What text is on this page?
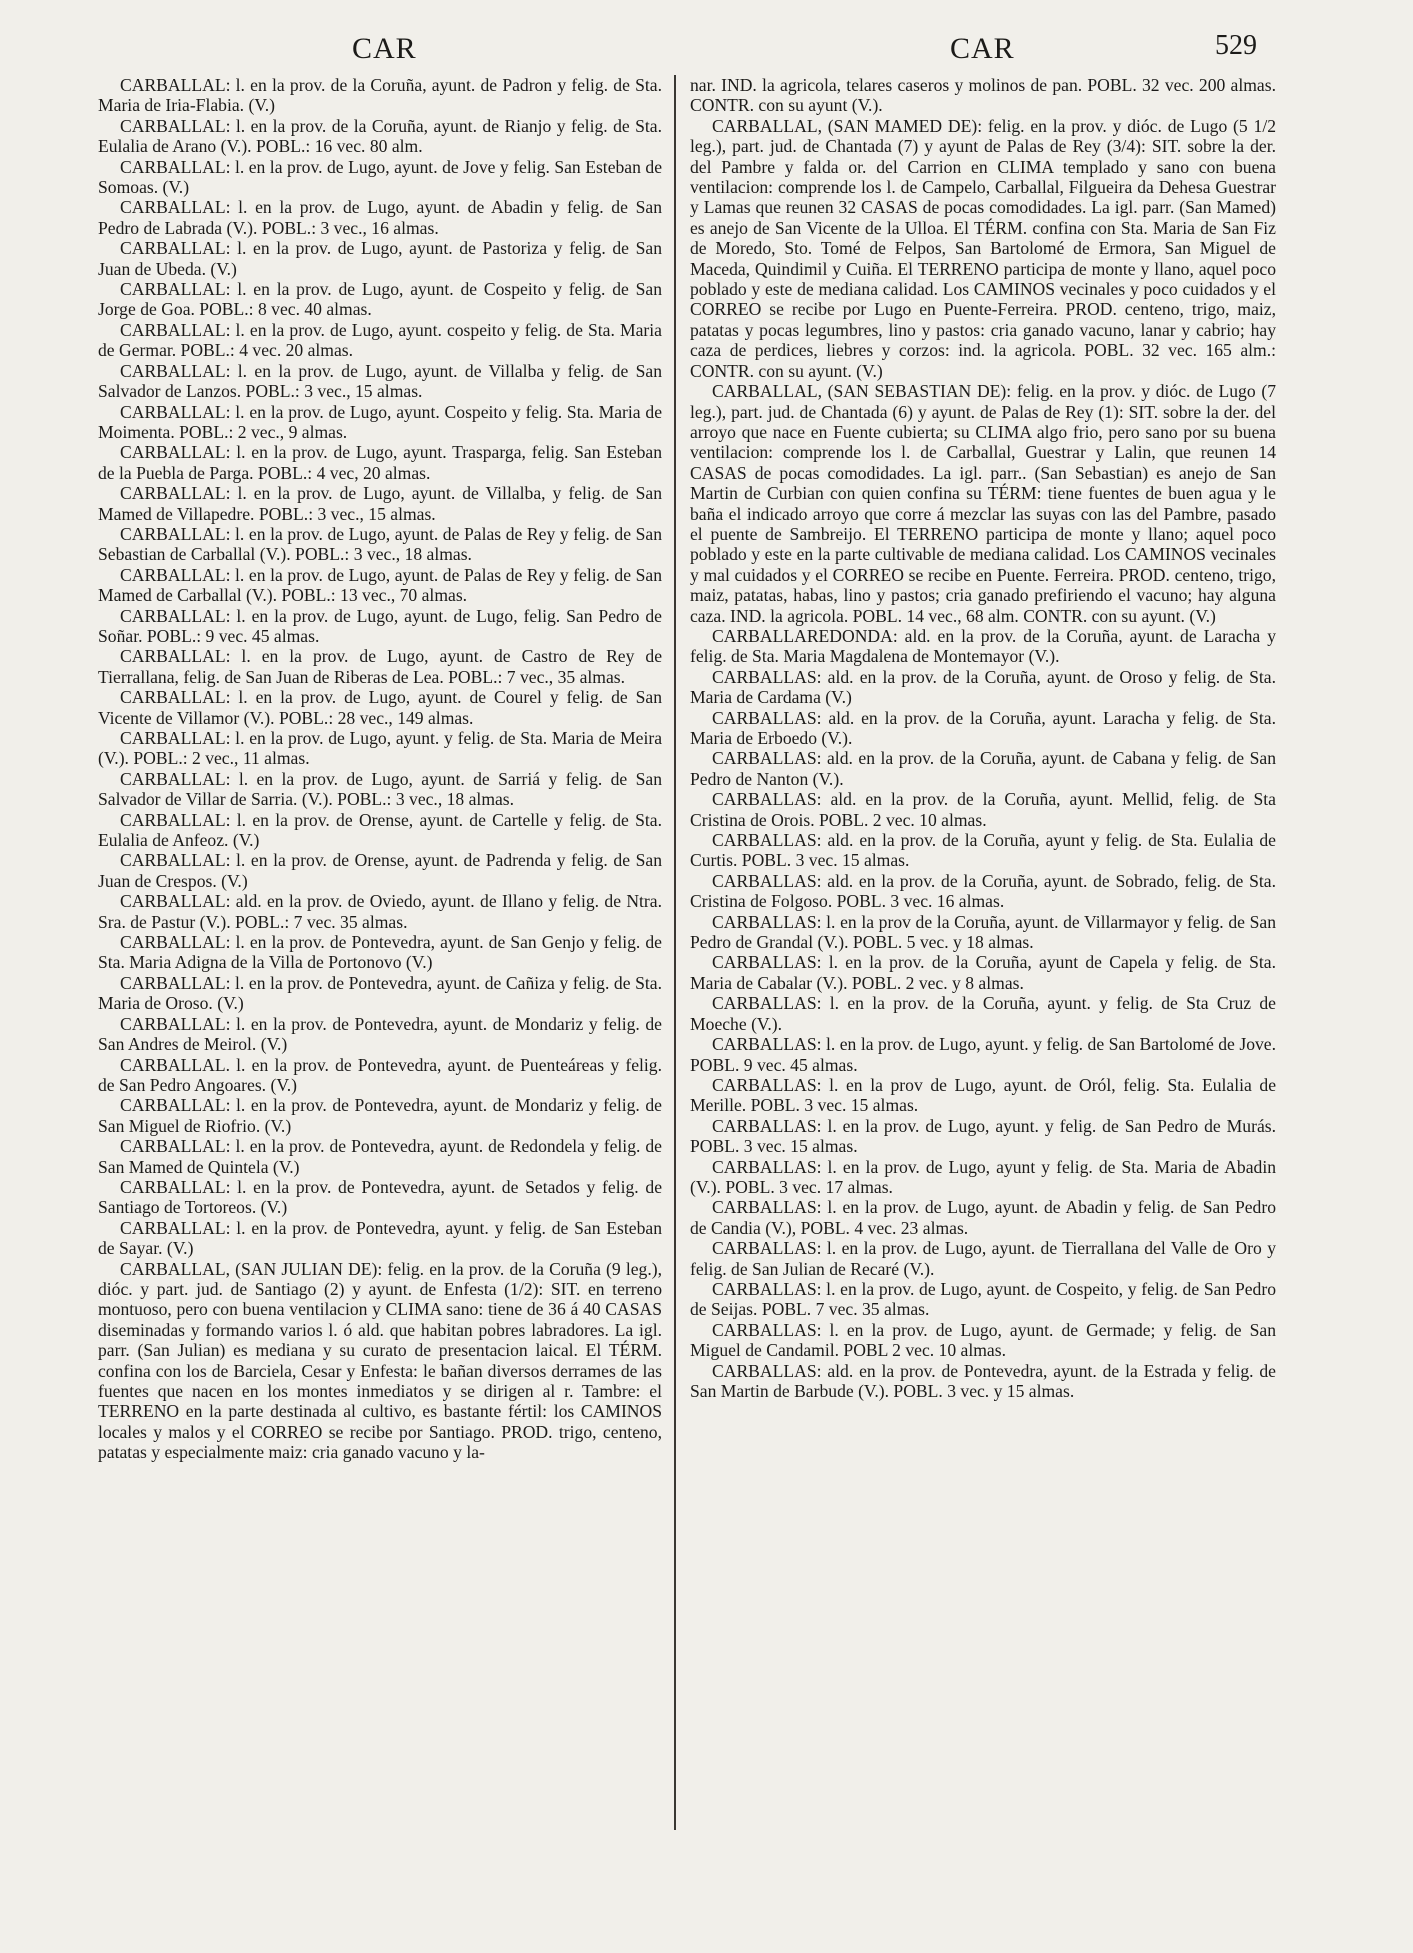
CAR	CAR	529

CARBALLAL: l. en la prov. de la Coruña, ayunt. de Padron y felig. de Sta. Maria de Iria-Flabia. (V.)

CARBALLAL: l. en la prov. de la Coruña, ayunt. de Rianjo y felig. de Sta. Eulalia de Arano (V.). POBL.: 16 vec. 80 alm.

CARBALLAL: l. en la prov. de Lugo, ayunt. de Jove y felig. San Esteban de Somoas. (V.)

CARBALLAL: l. en la prov. de Lugo, ayunt. de Abadin y felig. de San Pedro de Labrada (V.). POBL.: 3 vec., 16 almas.

CARBALLAL: l. en la prov. de Lugo, ayunt. de Pastoriza y felig. de San Juan de Ubeda. (V.)

CARBALLAL: l. en la prov. de Lugo, ayunt. de Cospeito y felig. de San Jorge de Goa. POBL.: 8 vec. 40 almas.

CARBALLAL: l. en la prov. de Lugo, ayunt. cospeito y felig. de Sta. Maria de Germar. POBL.: 4 vec. 20 almas.

CARBALLAL: l. en la prov. de Lugo, ayunt. de Villalba y felig. de San Salvador de Lanzos. POBL.: 3 vec., 15 almas.

CARBALLAL: l. en la prov. de Lugo, ayunt. Cospeito y felig. Sta. Maria de Moimenta. POBL.: 2 vec., 9 almas.

CARBALLAL: l. en la prov. de Lugo, ayunt. Trasparga, felig. San Esteban de la Puebla de Parga. POBL.: 4 vec, 20 almas.

CARBALLAL: l. en la prov. de Lugo, ayunt. de Villalba, y felig. de San Mamed de Villapedre. POBL.: 3 vec., 15 almas.

CARBALLAL: l. en la prov. de Lugo, ayunt. de Palas de Rey y felig. de San Sebastian de Carballal (V.). POBL.: 3 vec., 18 almas.

CARBALLAL: l. en la prov. de Lugo, ayunt. de Palas de Rey y felig. de San Mamed de Carballal (V.). POBL.: 13 vec., 70 almas.

CARBALLAL: l. en la prov. de Lugo, ayunt. de Lugo, felig. San Pedro de Soñar. POBL.: 9 vec. 45 almas.

CARBALLAL: l. en la prov. de Lugo, ayunt. de Castro de Rey de Tierrallana, felig. de San Juan de Riberas de Lea. POBL.: 7 vec., 35 almas.

CARBALLAL: l. en la prov. de Lugo, ayunt. de Courel y felig. de San Vicente de Villamor (V.). POBL.: 28 vec., 149 almas.

CARBALLAL: l. en la prov. de Lugo, ayunt. y felig. de Sta. Maria de Meira (V.). POBL.: 2 vec., 11 almas.

CARBALLAL: l. en la prov. de Lugo, ayunt. de Sarriá y felig. de San Salvador de Villar de Sarria. (V.). POBL.: 3 vec., 18 almas.

CARBALLAL: l. en la prov. de Orense, ayunt. de Cartelle y felig. de Sta. Eulalia de Anfeoz. (V.)

CARBALLAL: l. en la prov. de Orense, ayunt. de Padrenda y felig. de San Juan de Crespos. (V.)

CARBALLAL: ald. en la prov. de Oviedo, ayunt. de Illano y felig. de Ntra. Sra. de Pastur (V.). POBL.: 7 vec. 35 almas.

CARBALLAL: l. en la prov. de Pontevedra, ayunt. de San Genjo y felig. de Sta. Maria Adigna de la Villa de Portonovo (V.)

CARBALLAL: l. en la prov. de Pontevedra, ayunt. de Cañiza y felig. de Sta. Maria de Oroso. (V.)

CARBALLAL: l. en la prov. de Pontevedra, ayunt. de Mondariz y felig. de San Andres de Meirol. (V.)

CARBALLAL. l. en la prov. de Pontevedra, ayunt. de Puenteáreas y felig. de San Pedro Angoares. (V.)

CARBALLAL: l. en la prov. de Pontevedra, ayunt. de Mondariz y felig. de San Miguel de Riofrio. (V.)

CARBALLAL: l. en la prov. de Pontevedra, ayunt. de Redondela y felig. de San Mamed de Quintela (V.)

CARBALLAL: l. en la prov. de Pontevedra, ayunt. de Setados y felig. de Santiago de Tortoreos. (V.)

CARBALLAL: l. en la prov. de Pontevedra, ayunt. y felig. de San Esteban de Sayar. (V.)

CARBALLAL, (SAN JULIAN DE): felig. en la prov. de la Coruña (9 leg.), dióc. y part. jud. de Santiago (2) y ayunt. de Enfesta (1/2): SIT. en terreno montuoso, pero con buena ventilacion y CLIMA sano: tiene de 36 á 40 CASAS diseminadas y formando varios l. ó ald. que habitan pobres labradores. La igl. parr. (San Julian) es mediana y su curato de presentacion laical. El TÉRM. confina con los de Barciela, Cesar y Enfesta: le bañan diversos derrames de las fuentes que nacen en los montes inmediatos y se dirigen al r. Tambre: el TERRENO en la parte destinada al cultivo, es bastante fértil: los CAMINOS locales y malos y el CORREO se recibe por Santiago. PROD. trigo, centeno, patatas y especialmente maiz: cria ganado vacuno y la-

nar. IND. la agricola, telares caseros y molinos de pan. POBL. 32 vec. 200 almas. CONTR. con su ayunt (V.).

CARBALLAL, (SAN MAMED DE): felig. en la prov. y dióc. de Lugo (5 1/2 leg.), part. jud. de Chantada (7) y ayunt de Palas de Rey (3/4): SIT. sobre la der. del Pambre y falda or. del Carrion en CLIMA templado y sano con buena ventilacion: comprende los l. de Campelo, Carballal, Filgueira da Dehesa Guestrar y Lamas que reunen 32 CASAS de pocas comodidades. La igl. parr. (San Mamed) es anejo de San Vicente de la Ulloa. El TÉRM. confina con Sta. Maria de San Fiz de Moredo, Sto. Tomé de Felpos, San Bartolomé de Ermora, San Miguel de Maceda, Quindimil y Cuiña. El TERRENO participa de monte y llano, aquel poco poblado y este de mediana calidad. Los CAMINOS vecinales y poco cuidados y el CORREO se recibe por Lugo en Puente-Ferreira. PROD. centeno, trigo, maiz, patatas y pocas legumbres, lino y pastos: cria ganado vacuno, lanar y cabrio; hay caza de perdices, liebres y corzos: ind. la agricola. POBL. 32 vec. 165 alm.: CONTR. con su ayunt. (V.)

CARBALLAL, (SAN SEBASTIAN DE): felig. en la prov. y dióc. de Lugo (7 leg.), part. jud. de Chantada (6) y ayunt. de Palas de Rey (1): SIT. sobre la der. del arroyo que nace en Fuente cubierta; su CLIMA algo frio, pero sano por su buena ventilacion: comprende los l. de Carballal, Guestrar y Lalin, que reunen 14 CASAS de pocas comodidades. La igl. parr.. (San Sebastian) es anejo de San Martin de Curbian con quien confina su TÉRM: tiene fuentes de buen agua y le baña el indicado arroyo que corre á mezclar las suyas con las del Pambre, pasado el puente de Sambreijo. El TERRENO participa de monte y llano; aquel poco poblado y este en la parte cultivable de mediana calidad. Los CAMINOS vecinales y mal cuidados y el CORREO se recibe en Puente. Ferreira. PROD. centeno, trigo, maiz, patatas, habas, lino y pastos; cria ganado prefiriendo el vacuno; hay alguna caza. IND. la agricola. POBL. 14 vec., 68 alm. CONTR. con su ayunt. (V.)

CARBALLAREDONDA: ald. en la prov. de la Coruña, ayunt. de Laracha y felig. de Sta. Maria Magdalena de Montemayor (V.).

CARBALLAS: ald. en la prov. de la Coruña, ayunt. de Oroso y felig. de Sta. Maria de Cardama (V.)

CARBALLAS: ald. en la prov. de la Coruña, ayunt. Laracha y felig. de Sta. Maria de Erboedo (V.).

CARBALLAS: ald. en la prov. de la Coruña, ayunt. de Cabana y felig. de San Pedro de Nanton (V.).

CARBALLAS: ald. en la prov. de la Coruña, ayunt. Mellid, felig. de Sta Cristina de Orois. POBL. 2 vec. 10 almas.

CARBALLAS: ald. en la prov. de la Coruña, ayunt y felig. de Sta. Eulalia de Curtis. POBL. 3 vec. 15 almas.

CARBALLAS: ald. en la prov. de la Coruña, ayunt. de Sobrado, felig. de Sta. Cristina de Folgoso. POBL. 3 vec. 16 almas.

CARBALLAS: l. en la prov de la Coruña, ayunt. de Villarmayor y felig. de San Pedro de Grandal (V.). POBL. 5 vec. y 18 almas.

CARBALLAS: l. en la prov. de la Coruña, ayunt de Capela y felig. de Sta. Maria de Cabalar (V.). POBL. 2 vec. y 8 almas.

CARBALLAS: l. en la prov. de la Coruña, ayunt. y felig. de Sta Cruz de Moeche (V.).

CARBALLAS: l. en la prov. de Lugo, ayunt. y felig. de San Bartolomé de Jove. POBL. 9 vec. 45 almas.

CARBALLAS: l. en la prov de Lugo, ayunt. de Oról, felig. Sta. Eulalia de Merille. POBL. 3 vec. 15 almas.

CARBALLAS: l. en la prov. de Lugo, ayunt. y felig. de San Pedro de Murás. POBL. 3 vec. 15 almas.

CARBALLAS: l. en la prov. de Lugo, ayunt y felig. de Sta. Maria de Abadin (V.). POBL. 3 vec. 17 almas.

CARBALLAS: l. en la prov. de Lugo, ayunt. de Abadin y felig. de San Pedro de Candia (V.), POBL. 4 vec. 23 almas.

CARBALLAS: l. en la prov. de Lugo, ayunt. de Tierrallana del Valle de Oro y felig. de San Julian de Recaré (V.).

CARBALLAS: l. en la prov. de Lugo, ayunt. de Cospeito, y felig. de San Pedro de Seijas. POBL. 7 vec. 35 almas.

CARBALLAS: l. en la prov. de Lugo, ayunt. de Germade; y felig. de San Miguel de Candamil. POBL 2 vec. 10 almas.

CARBALLAS: ald. en la prov. de Pontevedra, ayunt. de la Estrada y felig. de San Martin de Barbude (V.). POBL. 3 vec. y 15 almas.
